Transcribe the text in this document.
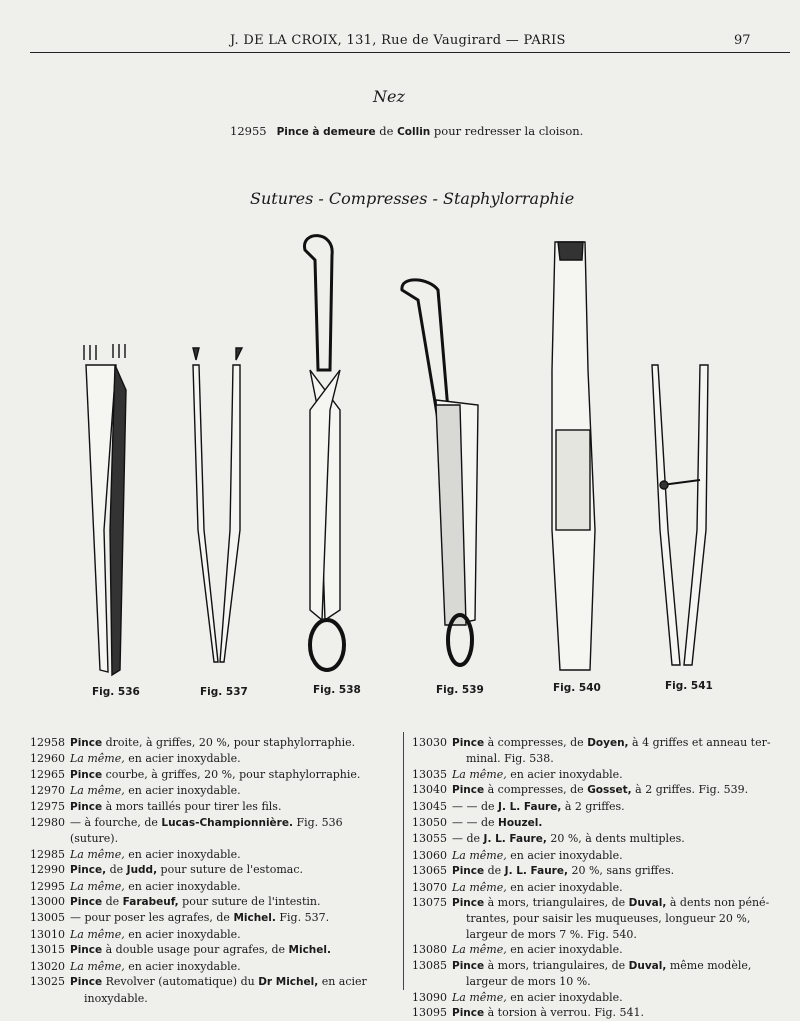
J. DE LA CROIX, 131, Rue de Vaugirard — PARIS	97
Nez
12955 Pince à demeure de Collin pour redresser la cloison.
Sutures - Compresses - Staphylorraphie
Fig. 536	Fig. 537	Fig. 538	Fig. 539	Fig. 540	Fig. 541
12958 Pince droite, à griffes, 20 %, pour staphylorraphie.
12960 La même, en acier inoxydable.
12965 Pince courbe, à griffes, 20 %, pour staphylorraphie.
12970 La même, en acier inoxydable.
12975 Pince à mors taillés pour tirer les fils.
12980 — à fourche, de Lucas-Championnière. Fig. 536 (suture).
12985 La même, en acier inoxydable.
12990 Pince, de Judd, pour suture de l'estomac.
12995 La même, en acier inoxydable.
13000 Pince de Farabeuf, pour suture de l'intestin.
13005 — pour poser les agrafes, de Michel. Fig. 537.
13010 La même, en acier inoxydable.
13015 Pince à double usage pour agrafes, de Michel.
13020 La même, en acier inoxydable.
13025 Pince Revolver (automatique) du Dr Michel, en acier
inoxydable.
13030 Pince à compresses, de Doyen, à 4 griffes et anneau ter-
minal. Fig. 538.
13035 La même, en acier inoxydable.
13040 Pince à compresses, de Gosset, à 2 griffes. Fig. 539.
13045 — — de J. L. Faure, à 2 griffes.
13050 — — de Houzel.
13055 — de J. L. Faure, 20 %, à dents multiples.
13060 La même, en acier inoxydable.
13065 Pince de J. L. Faure, 20 %, sans griffes.
13070 La même, en acier inoxydable.
13075 Pince à mors, triangulaires, de Duval, à dents non péné-
trantes, pour saisir les muqueuses, longueur 20 %,
largeur de mors 7 %. Fig. 540.
13080 La même, en acier inoxydable.
13085 Pince à mors, triangulaires, de Duval, même modèle,
largeur de mors 10 %.
13090 La même, en acier inoxydable.
13095 Pince à torsion à verrou. Fig. 541.
